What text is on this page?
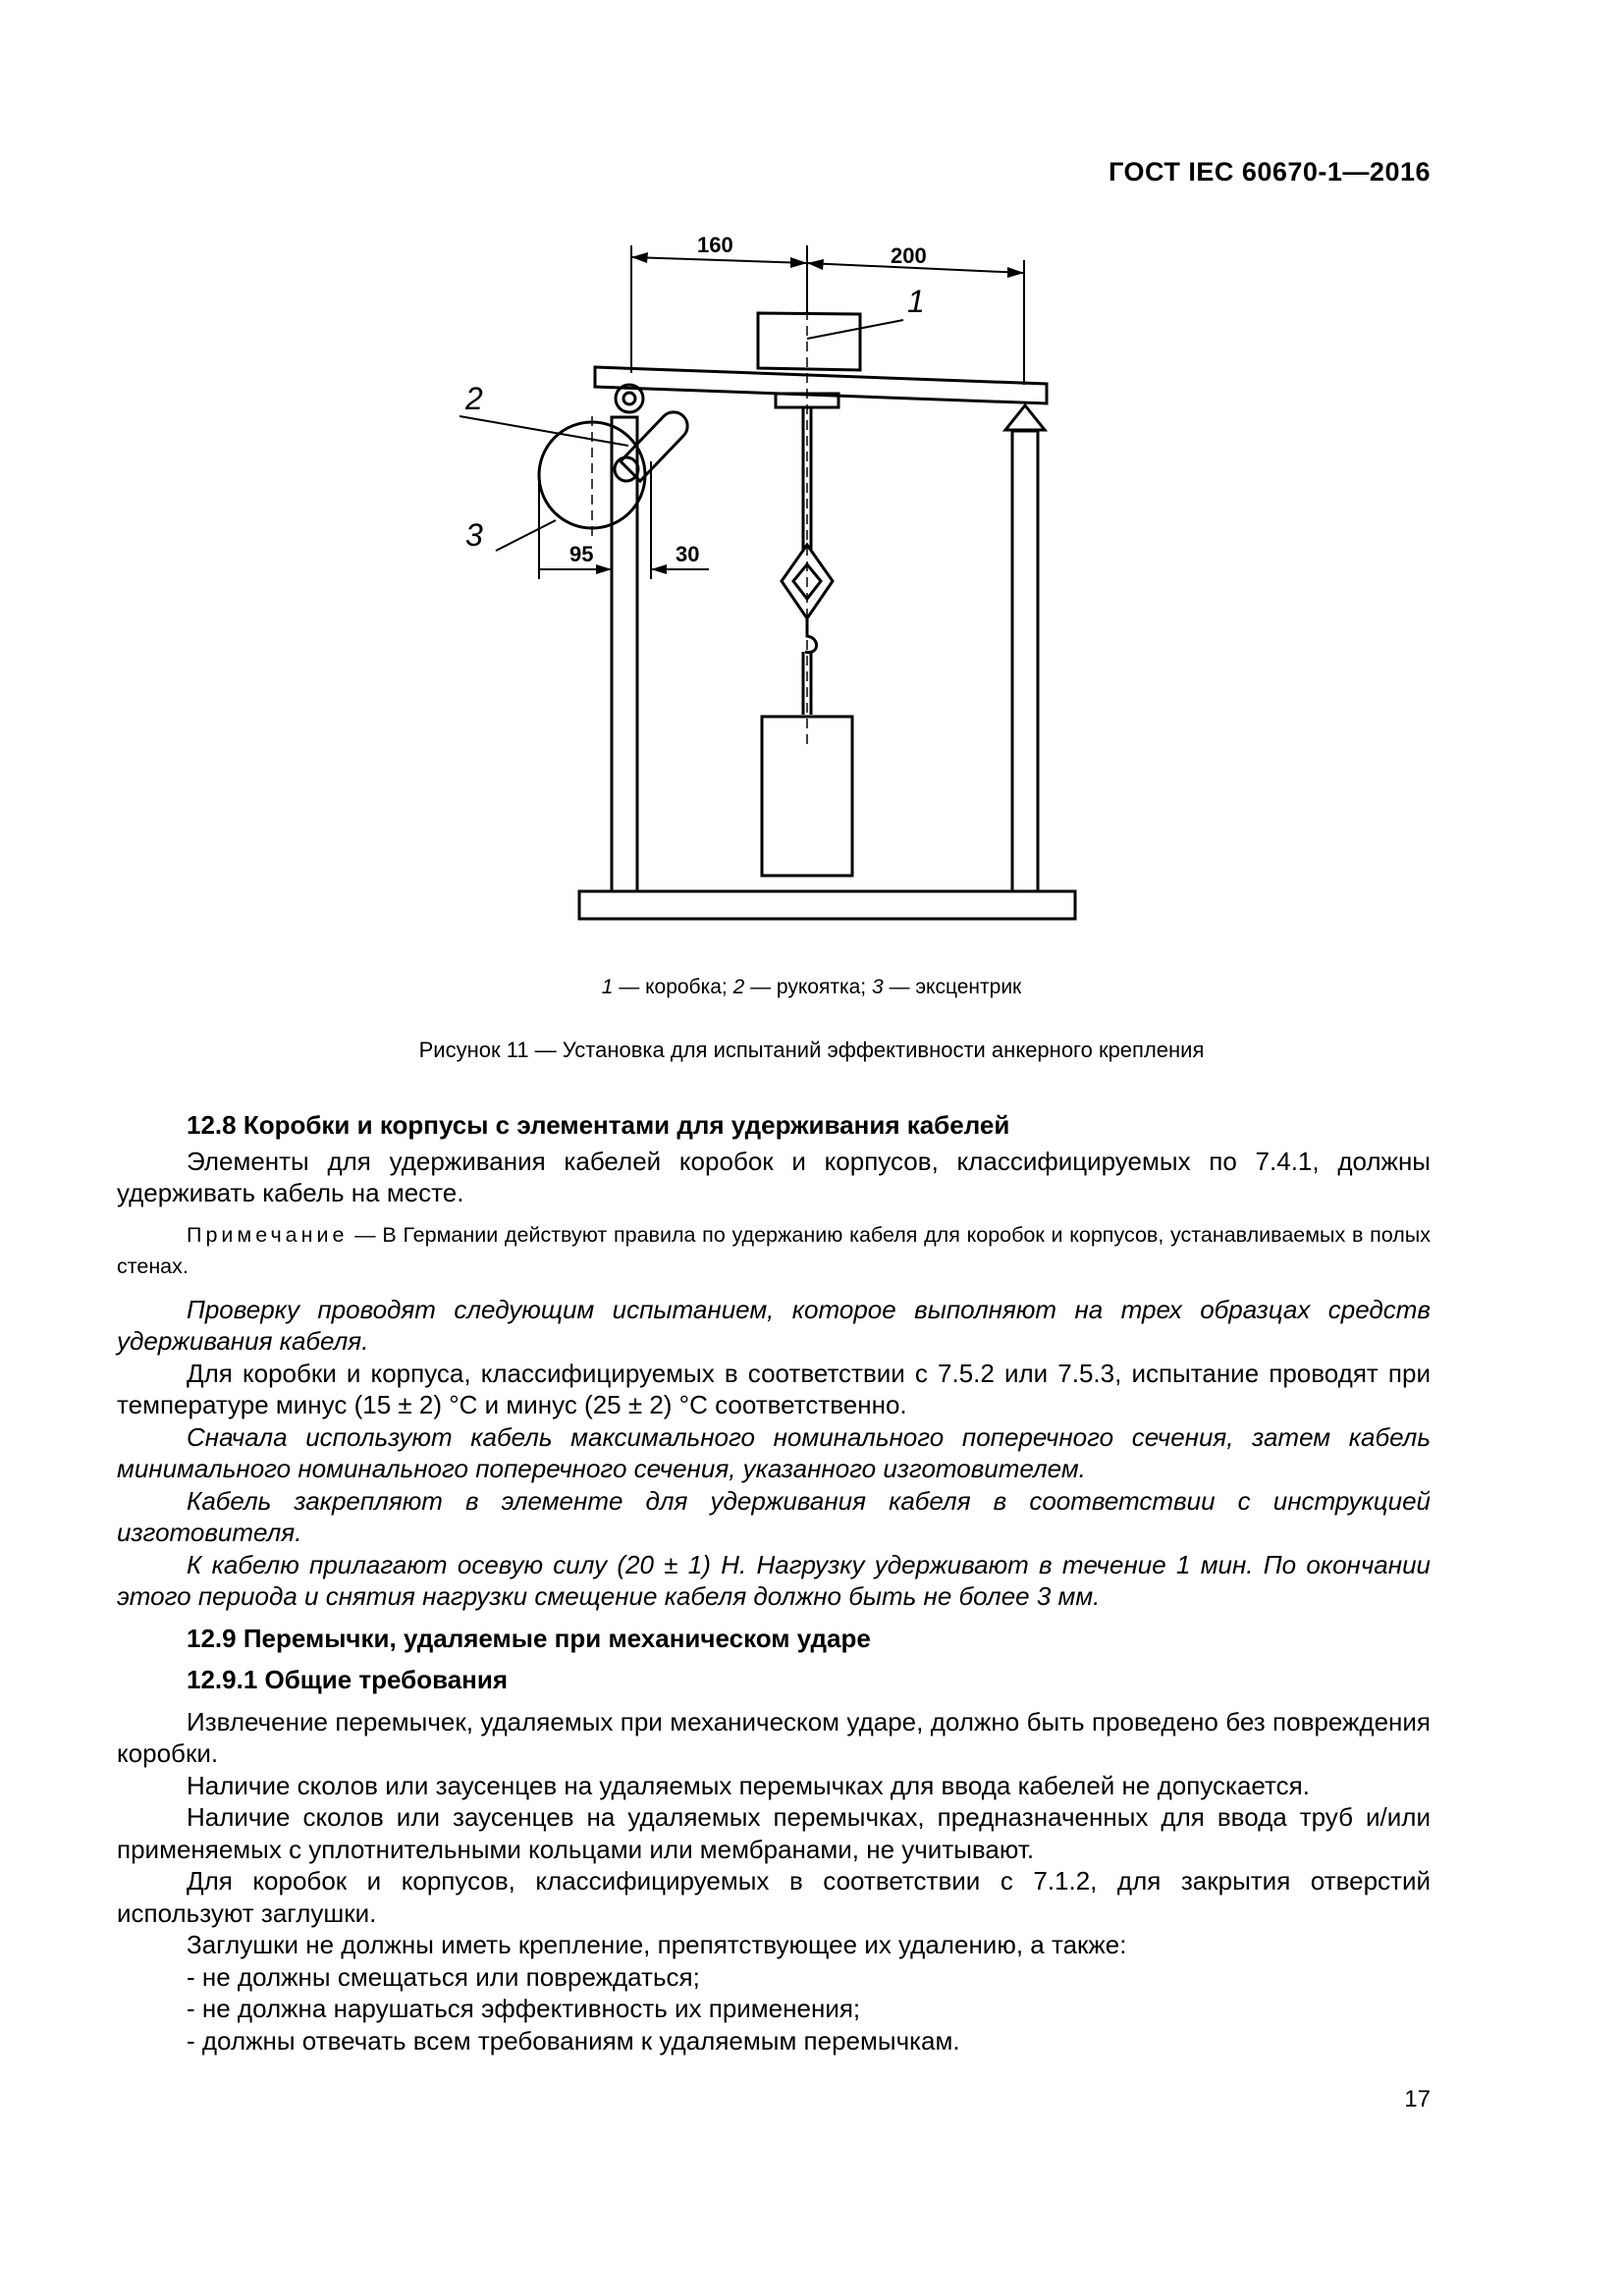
ГОСТ IEC 60670-1—2016
160	200
95	30
1
2
3
1 — коробка; 2 — рукоятка; 3 — эксцентрик
Рисунок 11 — Установка для испытаний эффективности анкерного крепления

12.8 Коробки и корпусы с элементами для удерживания кабелей

Элементы для удерживания кабелей коробок и корпусов, классифицируемых по 7.4.1, должны удерживать кабель на месте.

Примечание — В Германии действуют правила по удержанию кабеля для коробок и корпусов, устанавливаемых в полых стенах.

Проверку проводят следующим испытанием, которое выполняют на трех образцах средств удерживания кабеля.

Для коробки и корпуса, классифицируемых в соответствии с 7.5.2 или 7.5.3, испытание проводят при температуре минус (15 ± 2) °C и минус (25 ± 2) °C соответственно.

Сначала используют кабель максимального номинального поперечного сечения, затем кабель минимального номинального поперечного сечения, указанного изготовителем.

Кабель закрепляют в элементе для удерживания кабеля в соответствии с инструкцией изготовителя.

К кабелю прилагают осевую силу (20 ± 1) Н. Нагрузку удерживают в течение 1 мин. По окончании этого периода и снятия нагрузки смещение кабеля должно быть не более 3 мм.

12.9 Перемычки, удаляемые при механическом ударе

12.9.1 Общие требования

Извлечение перемычек, удаляемых при механическом ударе, должно быть проведено без повреждения коробки.

Наличие сколов или заусенцев на удаляемых перемычках для ввода кабелей не допускается.

Наличие сколов или заусенцев на удаляемых перемычках, предназначенных для ввода труб и/или применяемых с уплотнительными кольцами или мембранами, не учитывают.

Для коробок и корпусов, классифицируемых в соответствии с 7.1.2, для закрытия отверстий используют заглушки.

Заглушки не должны иметь крепление, препятствующее их удалению, а также:

- не должны смещаться или повреждаться;

- не должна нарушаться эффективность их применения;

- должны отвечать всем требованиям к удаляемым перемычкам.

17
